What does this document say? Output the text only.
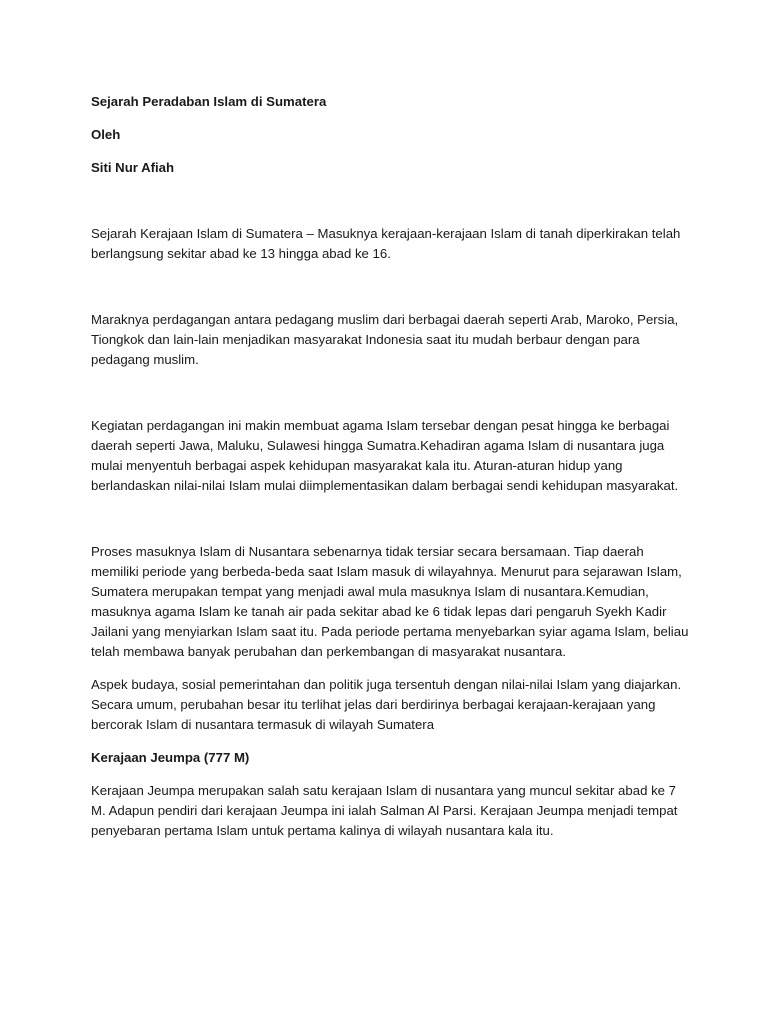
Sejarah Peradaban Islam di Sumatera

Oleh

Siti Nur Afiah

Sejarah Kerajaan Islam di Sumatera – Masuknya kerajaan-kerajaan Islam di tanah diperkirakan telah berlangsung sekitar abad ke 13 hingga abad ke 16.

Maraknya perdagangan antara pedagang muslim dari berbagai daerah seperti Arab, Maroko, Persia, Tiongkok dan lain-lain menjadikan masyarakat Indonesia saat itu mudah berbaur dengan para pedagang muslim.

Kegiatan perdagangan ini makin membuat agama Islam tersebar dengan pesat hingga ke berbagai daerah seperti Jawa, Maluku, Sulawesi hingga Sumatra.Kehadiran agama Islam di nusantara juga mulai menyentuh berbagai aspek kehidupan masyarakat kala itu. Aturan-aturan hidup yang berlandaskan nilai-nilai Islam mulai diimplementasikan dalam berbagai sendi kehidupan masyarakat.

Proses masuknya Islam di Nusantara sebenarnya tidak tersiar secara bersamaan. Tiap daerah memiliki periode yang berbeda-beda saat Islam masuk di wilayahnya. Menurut para sejarawan Islam, Sumatera merupakan tempat yang menjadi awal mula masuknya Islam di nusantara.Kemudian, masuknya agama Islam ke tanah air pada sekitar abad ke 6 tidak lepas dari pengaruh Syekh Kadir Jailani yang menyiarkan Islam saat itu. Pada periode pertama menyebarkan syiar agama Islam, beliau telah membawa banyak perubahan dan perkembangan di masyarakat nusantara.

Aspek budaya, sosial pemerintahan dan politik juga tersentuh dengan nilai-nilai Islam yang diajarkan. Secara umum, perubahan besar itu terlihat jelas dari berdirinya berbagai kerajaan-kerajaan yang bercorak Islam di nusantara termasuk di wilayah Sumatera

Kerajaan Jeumpa (777 M)

Kerajaan Jeumpa merupakan salah satu kerajaan Islam di nusantara yang muncul sekitar abad ke 7 M. Adapun pendiri dari kerajaan Jeumpa ini ialah Salman Al Parsi. Kerajaan Jeumpa menjadi tempat penyebaran pertama Islam untuk pertama kalinya di wilayah nusantara kala itu.
